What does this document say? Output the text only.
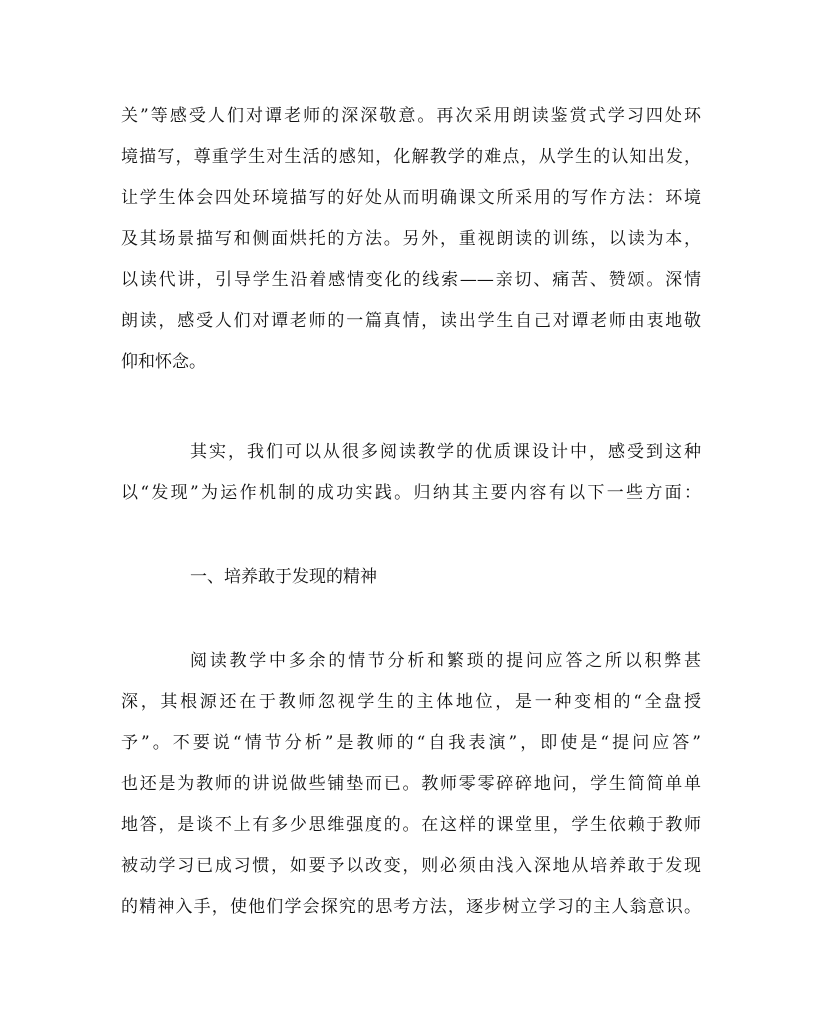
关”等感受人们对谭老师的深深敬意。再次采用朗读鉴赏式学习四处环
境描写，尊重学生对生活的感知，化解教学的难点，从学生的认知出发，
让学生体会四处环境描写的好处从而明确课文所采用的写作方法：环境
及其场景描写和侧面烘托的方法。另外，重视朗读的训练，以读为本，
以读代讲，引导学生沿着感情变化的线索——亲切、痛苦、赞颂。深情
朗读，感受人们对谭老师的一篇真情，读出学生自己对谭老师由衷地敬
仰和怀念。
其实，我们可以从很多阅读教学的优质课设计中，感受到这种
以“发现”为运作机制的成功实践。归纳其主要内容有以下一些方面：
一、培养敢于发现的精神
阅读教学中多余的情节分析和繁琐的提问应答之所以积弊甚
深，其根源还在于教师忽视学生的主体地位，是一种变相的“全盘授
予”。不要说“情节分析”是教师的“自我表演”，即使是“提问应答”
也还是为教师的讲说做些铺垫而已。教师零零碎碎地问，学生简简单单
地答，是谈不上有多少思维强度的。在这样的课堂里，学生依赖于教师
被动学习已成习惯，如要予以改变，则必须由浅入深地从培养敢于发现
的精神入手，使他们学会探究的思考方法，逐步树立学习的主人翁意识。
